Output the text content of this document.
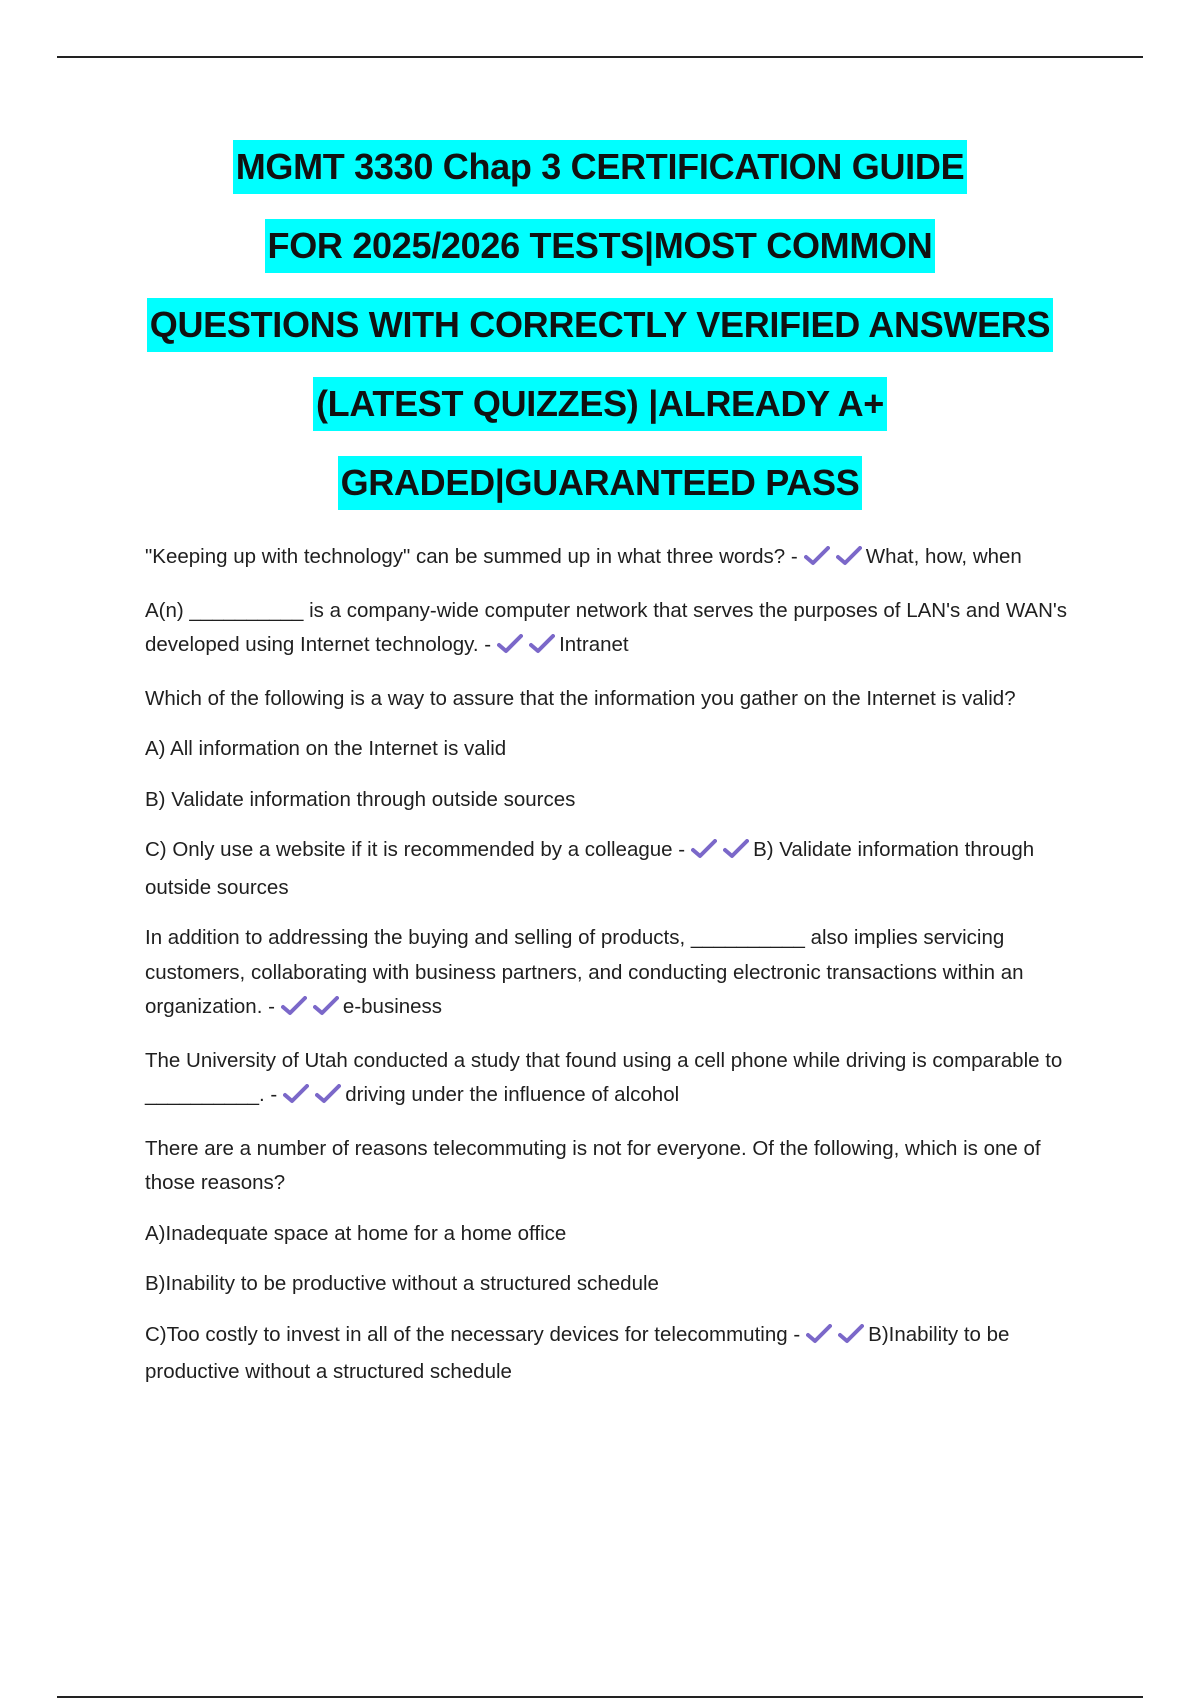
MGMT 3330 Chap 3 CERTIFICATION GUIDE
FOR 2025/2026 TESTS|MOST COMMON
QUESTIONS WITH CORRECTLY VERIFIED ANSWERS
(LATEST QUIZZES) |ALREADY A+
GRADED|GUARANTEED PASS

"Keeping up with technology" can be summed up in what three words? -	What, how, when

A(n) __________ is a company-wide computer network that serves the purposes of LAN's and WAN's developed using Internet technology. -	Intranet

Which of the following is a way to assure that the information you gather on the Internet is valid?

A) All information on the Internet is valid

B) Validate information through outside sources

C) Only use a website if it is recommended by a colleague -	B) Validate information through outside sources

In addition to addressing the buying and selling of products, __________ also implies servicing customers, collaborating with business partners, and conducting electronic transactions within an organization. -	e-business

The University of Utah conducted a study that found using a cell phone while driving is comparable to __________. -	driving under the influence of alcohol

There are a number of reasons telecommuting is not for everyone. Of the following, which is one of those reasons?

A)Inadequate space at home for a home office

B)Inability to be productive without a structured schedule

C)Too costly to invest in all of the necessary devices for telecommuting -	B)Inability to be productive without a structured schedule
